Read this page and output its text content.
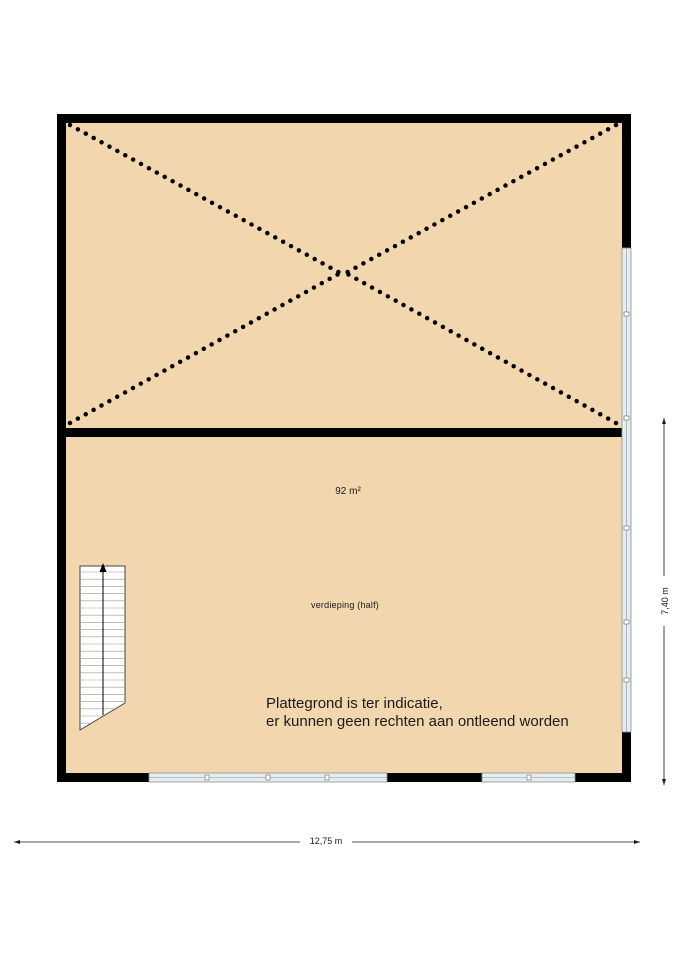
92 m²
verdieping (half)
Plattegrond is ter indicatie,
er kunnen geen rechten aan ontleend worden
12,75 m
7,40 m
